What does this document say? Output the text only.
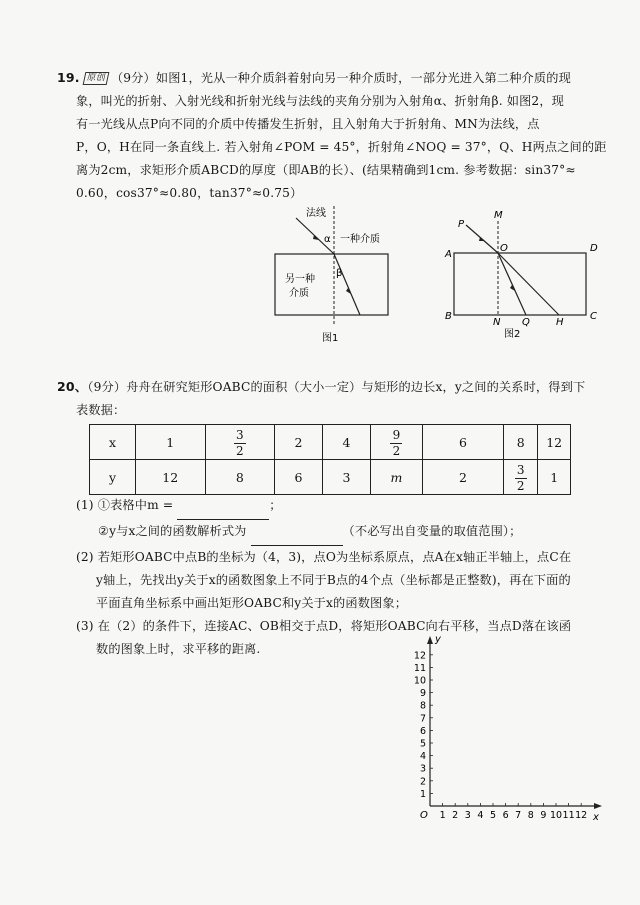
19. 原创 （9分）如图1，光从一种介质斜着射向另一种介质时，一部分光进入第二种介质的现
象，叫光的折射、入射光线和折射光线与法线的夹角分别为入射角α、折射角β. 如图2，现
有一光线从点P向不同的介质中传播发生折射，且入射角大于折射角、MN为法线，点
P，O，H在同一条直线上. 若入射角∠POM = 45°，折射角∠NOQ = 37°，Q、H两点之间的距
离为2cm，求矩形介质ABCD的厚度（即AB的长）、(结果精确到1cm. 参考数据：sin37°≈
0.60，cos37°≈0.80，tan37°≈0.75）
法线
α 一种介质
β
另一种
介质
图1
P
M
A
O	D
B
N Q	H
C
图2
20、（9分）舟舟在研究矩形OABC的面积（大小一定）与矩形的边长x，y之间的关系时，得到下
表数据：
x	1	$\frac{3}{2}$	2	4	$\frac{9}{2}$	6	8	12
y	12	8	6	3	m	2	$\frac{3}{2}$	1
(1) ①表格中m =	；
②y与x之间的函数解析式为	（不必写出自变量的取值范围）；
(2) 若矩形OABC中点B的坐标为（4，3)，点O为坐标系原点，点A在x轴正半轴上，点C在
y轴上，先找出y关于x的函数图象上不同于B点的4个点（坐标都是正整数)，再在下面的
平面直角坐标系中画出矩形OABC和y关于x的函数图象；
(3) 在（2）的条件下，连接AC、OB相交于点D，将矩形OABC向右平移，当点D落在该函
数的图象上时，求平移的距离.
y
x
O 1
1
2
2
3
3
4
4
5
5
6
6
7
7
8
8
9
9
10
10
11
11
12
12
